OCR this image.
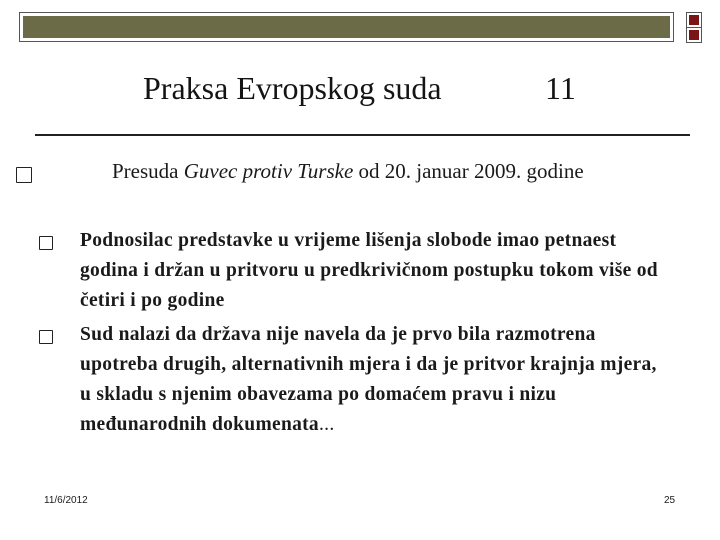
Praksa Evropskog suda	11
Presuda Guvec protiv Turske od 20. januar 2009. godine
Podnosilac predstavke u vrijeme lišenja slobode imao petnaest godina i držan u pritvoru u predkrivičnom postupku tokom više od četiri i po godine
Sud nalazi da država nije navela da je prvo bila razmotrena upotreba drugih, alternativnih mjera i da je pritvor krajnja mjera, u skladu s njenim obavezama po domaćem pravu i nizu međunarodnih dokumenata...
11/6/2012	25
